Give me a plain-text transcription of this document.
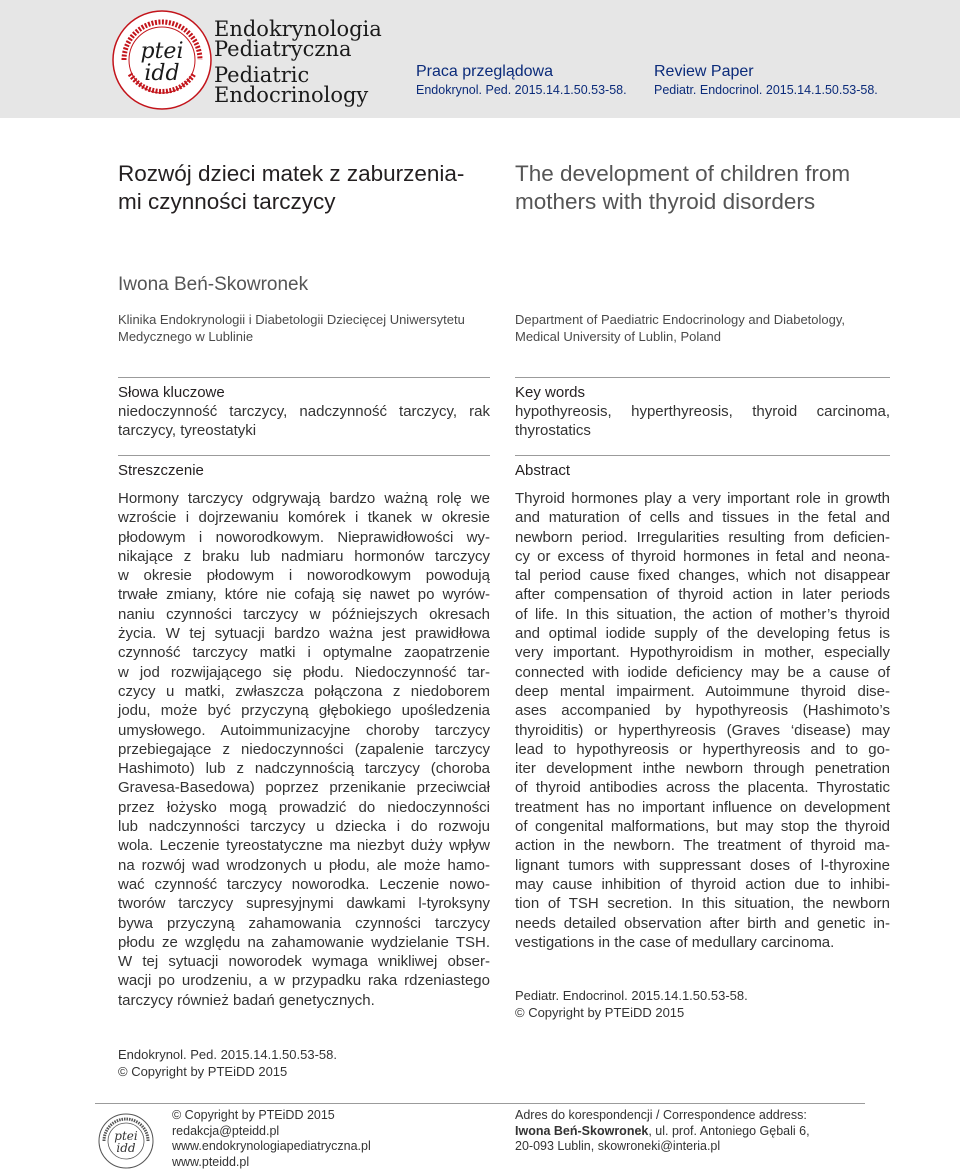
ptei
idd
Endokrynologia
Pediatryczna
Pediatric
Endocrinology
Praca przeglądowa
Endokrynol. Ped. 2015.14.1.50.53-58.
Review Paper
Pediatr. Endocrinol. 2015.14.1.50.53-58.
Rozwój dzieci matek z zaburzenia-
mi czynności tarczycy
The development of children from
mothers with thyroid disorders
Iwona Beń-Skowronek
Klinika Endokrynologii i Diabetologii Dziecięcej Uniwersytetu
Medycznego w Lublinie
Department of Paediatric Endocrinology and Diabetology,
Medical University of Lublin, Poland
Słowa kluczowe
niedoczynność tarczycy, nadczynność tarczycy, rak tarczycy, tyreostatyki
Key words
hypothyreosis, hyperthyreosis, thyroid carcinoma, thyrostatics
Streszczenie	Abstract
Hormony tarczycy odgrywają bardzo ważną rolę we
wzroście i dojrzewaniu komórek i tkanek w okresie
płodowym i noworodkowym. Nieprawidłowości wy-
nikające z braku lub nadmiaru hormonów tarczycy
w okresie płodowym i noworodkowym powodują
trwałe zmiany, które nie cofają się nawet po wyrów-
naniu czynności tarczycy w późniejszych okresach
życia. W tej sytuacji bardzo ważna jest prawidłowa
czynność tarczycy matki i optymalne zaopatrzenie
w jod rozwijającego się płodu. Niedoczynność tar-
czycy u matki, zwłaszcza połączona z niedoborem
jodu, może być przyczyną głębokiego upośledzenia
umysłowego. Autoimmunizacyjne choroby tarczycy
przebiegające z niedoczynności (zapalenie tarczycy
Hashimoto) lub z nadczynnością tarczycy (choroba
Gravesa-Basedowa) poprzez przenikanie przeciwciał
przez łożysko mogą prowadzić do niedoczynności
lub nadczynności tarczycy u dziecka i do rozwoju
wola. Leczenie tyreostatyczne ma niezbyt duży wpływ
na rozwój wad wrodzonych u płodu, ale może hamo-
wać czynność tarczycy noworodka. Leczenie nowo-
tworów tarczycy supresyjnymi dawkami l-tyroksyny
bywa przyczyną zahamowania czynności tarczycy
płodu ze względu na zahamowanie wydzielanie TSH.
W tej sytuacji noworodek wymaga wnikliwej obser-
wacji po urodzeniu, a w przypadku raka rdzeniastego
tarczycy również badań genetycznych.
Thyroid hormones play a very important role in growth
and maturation of cells and tissues in the fetal and
newborn period. Irregularities resulting from deficien-
cy or excess of thyroid hormones in fetal and neona-
tal period cause fixed changes, which not disappear
after compensation of thyroid action in later periods
of life. In this situation, the action of mother’s thyroid
and optimal iodide supply of the developing fetus is
very important. Hypothyroidism in mother, especially
connected with iodide deficiency may be a cause of
deep mental impairment. Autoimmune thyroid dise-
ases accompanied by hypothyreosis (Hashimoto’s
thyroiditis) or hyperthyreosis (Graves ‘disease) may
lead to hypothyreosis or hyperthyreosis and to go-
iter development inthe newborn through penetration
of thyroid antibodies across the placenta. Thyrostatic
treatment has no important influence on development
of congenital malformations, but may stop the thyroid
action in the newborn. The treatment of thyroid ma-
lignant tumors with suppressant doses of l-thyroxine
may cause inhibition of thyroid action due to inhibi-
tion of TSH secretion. In this situation, the newborn
needs detailed observation after birth and genetic in-
vestigations in the case of medullary carcinoma.
Pediatr. Endocrinol. 2015.14.1.50.53-58.
© Copyright by PTEiDD 2015
Endokrynol. Ped. 2015.14.1.50.53-58.
© Copyright by PTEiDD 2015
ptei
idd
© Copyright by PTEiDD 2015
redakcja@pteidd.pl
www.endokrynologiapediatryczna.pl
www.pteidd.pl
Adres do korespondencji / Correspondence address:
Iwona Beń-Skowronek, ul. prof. Antoniego Gębali 6,
20-093 Lublin, skowroneki@interia.pl
